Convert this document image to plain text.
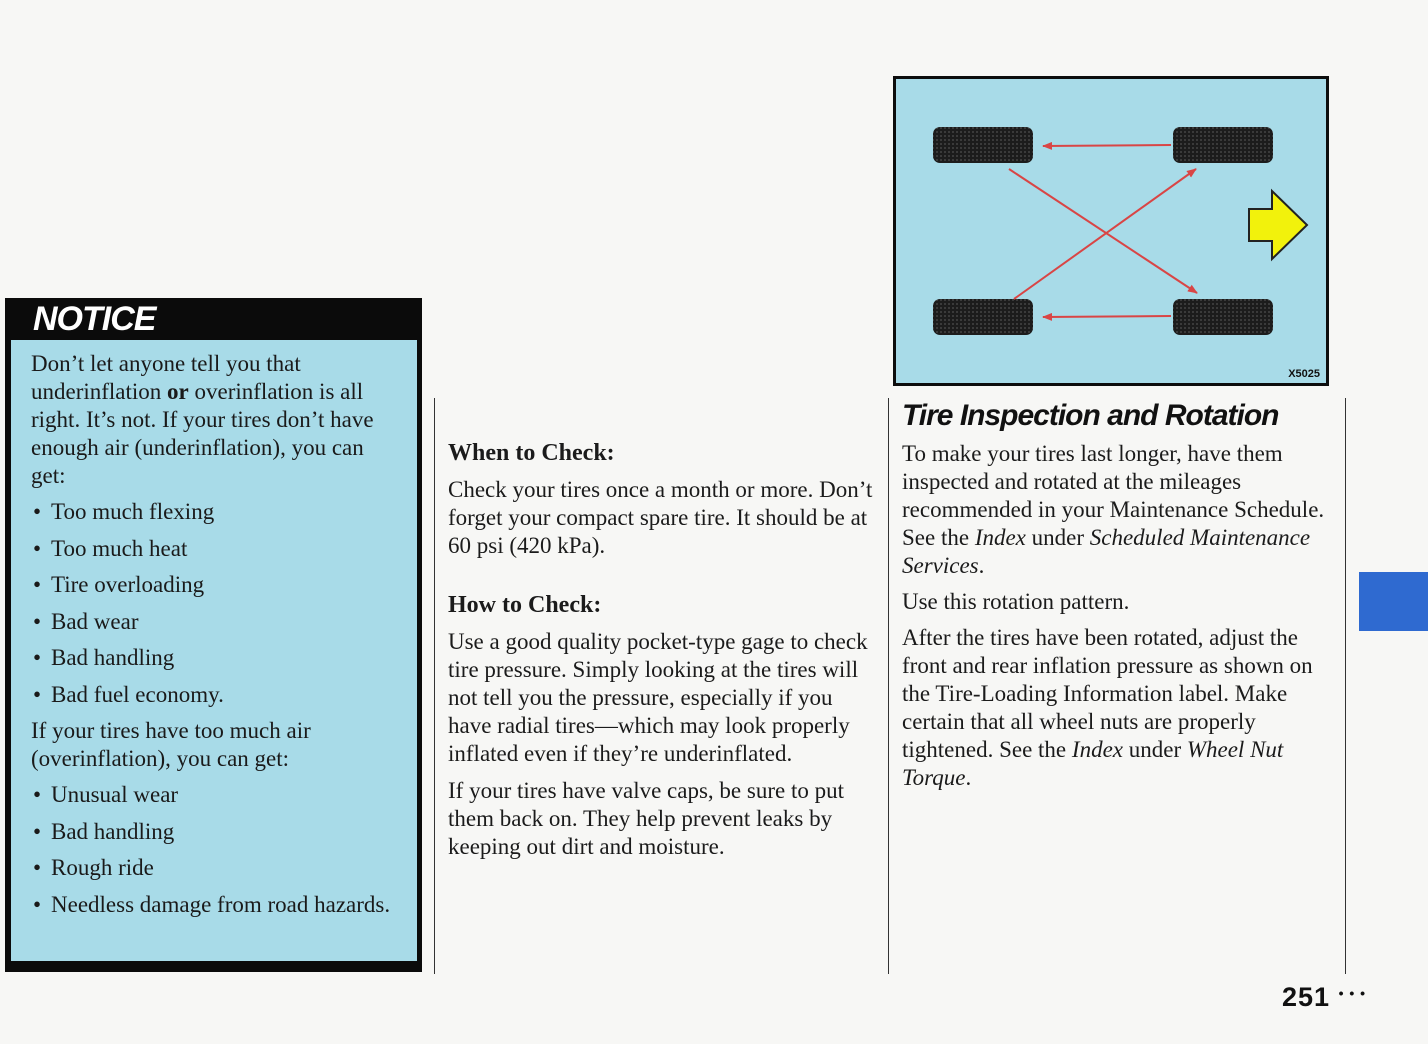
NOTICE

Don’t let anyone tell you that underinflation or overinflation is all right. It’s not. If your tires don’t have enough air (underinflation), you can get:

• Too much flexing
• Too much heat
• Tire overloading
• Bad wear
• Bad handling
• Bad fuel economy.

If your tires have too much air (overinflation), you can get:

• Unusual wear
• Bad handling
• Rough ride
• Needless damage from road hazards.
When to Check:

Check your tires once a month or more. Don’t forget your compact spare tire. It should be at 60 psi (420 kPa).

How to Check:

Use a good quality pocket-type gage to check tire pressure. Simply looking at the tires will not tell you the pressure, especially if you have radial tires—which may look properly inflated even if they’re underinflated.

If your tires have valve caps, be sure to put them back on. They help prevent leaks by keeping out dirt and moisture.

X5025
Tire Inspection and Rotation

To make your tires last longer, have them inspected and rotated at the mileages recommended in your Maintenance Schedule. See the Index under Scheduled Maintenance Services.

Use this rotation pattern.

After the tires have been rotated, adjust the front and rear inflation pressure as shown on the Tire-Loading Information label. Make certain that all wheel nuts are properly tightened. See the Index under Wheel Nut Torque.

251 • • •
